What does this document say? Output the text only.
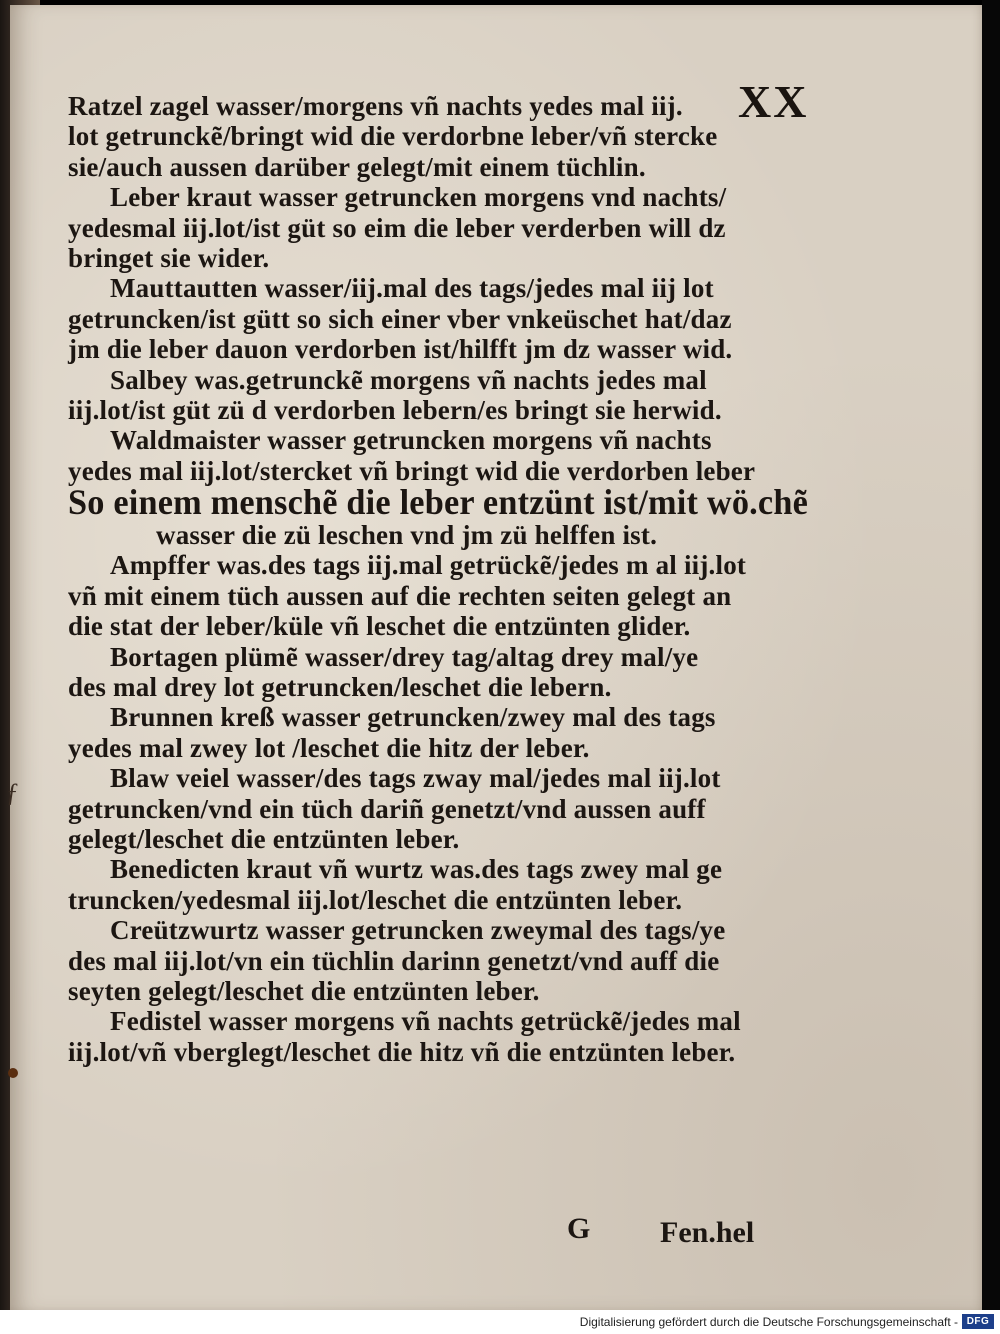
XX
Ratzel zagel wasser/morgens vñ nachts yedes mal iij.
lot getruncke͂/bringt wid die verdorbne leber/vñ stercke
sie/auch aussen darüber gelegt/mit einem tüchlin.
Leber kraut wasser getruncken morgens vnd nachts/
yedesmal iij.lot/ist güt so eim die leber verderben will dz
bringet sie wider.
Mauttautten wasser/iij.mal des tags/jedes mal iij lot
getruncken/ist gütt so sich einer vber vnkeüschet hat/daz
jm die leber dauon verdorben ist/hilfft jm dz wasser wid.
Salbey was.getruncke͂ morgens vñ nachts jedes mal
iij.lot/ist güt zü d verdorben lebern/es bringt sie herwid.
Waldmaister wasser getruncken morgens vñ nachts
yedes mal iij.lot/stercket vñ bringt wid die verdorben leber
So einem mensche͂ die leber entzünt ist/mit wö.che͂
wasser die zü leschen vnd jm zü helffen ist.
Ampffer was.des tags iij.mal getrücke͂/jedes m al iij.lot
vñ mit einem tüch aussen auf die rechten seiten gelegt an
die stat der leber/küle vñ leschet die entzünten glider.
Bortagen plüme͂ wasser/drey tag/altag drey mal/ye
des mal drey lot getruncken/leschet die lebern.
Brunnen kreß wasser getruncken/zwey mal des tags
yedes mal zwey lot /leschet die hitz der leber.
Blaw veiel wasser/des tags zway mal/jedes mal iij.lot
getruncken/vnd ein tüch dariñ genetzt/vnd aussen auff
gelegt/leschet die entzünten leber.
Benedicten kraut vñ wurtz was.des tags zwey mal ge
truncken/yedesmal iij.lot/leschet die entzünten leber.
Creützwurtz wasser getruncken zweymal des tags/ye
des mal iij.lot/vn ein tüchlin darinn genetzt/vnd auff die
seyten gelegt/leschet die entzünten leber.
Fedistel wasser morgens vñ nachts getrücke͂/jedes mal
iij.lot/vñ vberglegt/leschet die hitz vñ die entzünten leber.
G Fen.hel
ƒ
Digitalisierung gefördert durch die Deutsche Forschungsgemeinschaft - DFG
